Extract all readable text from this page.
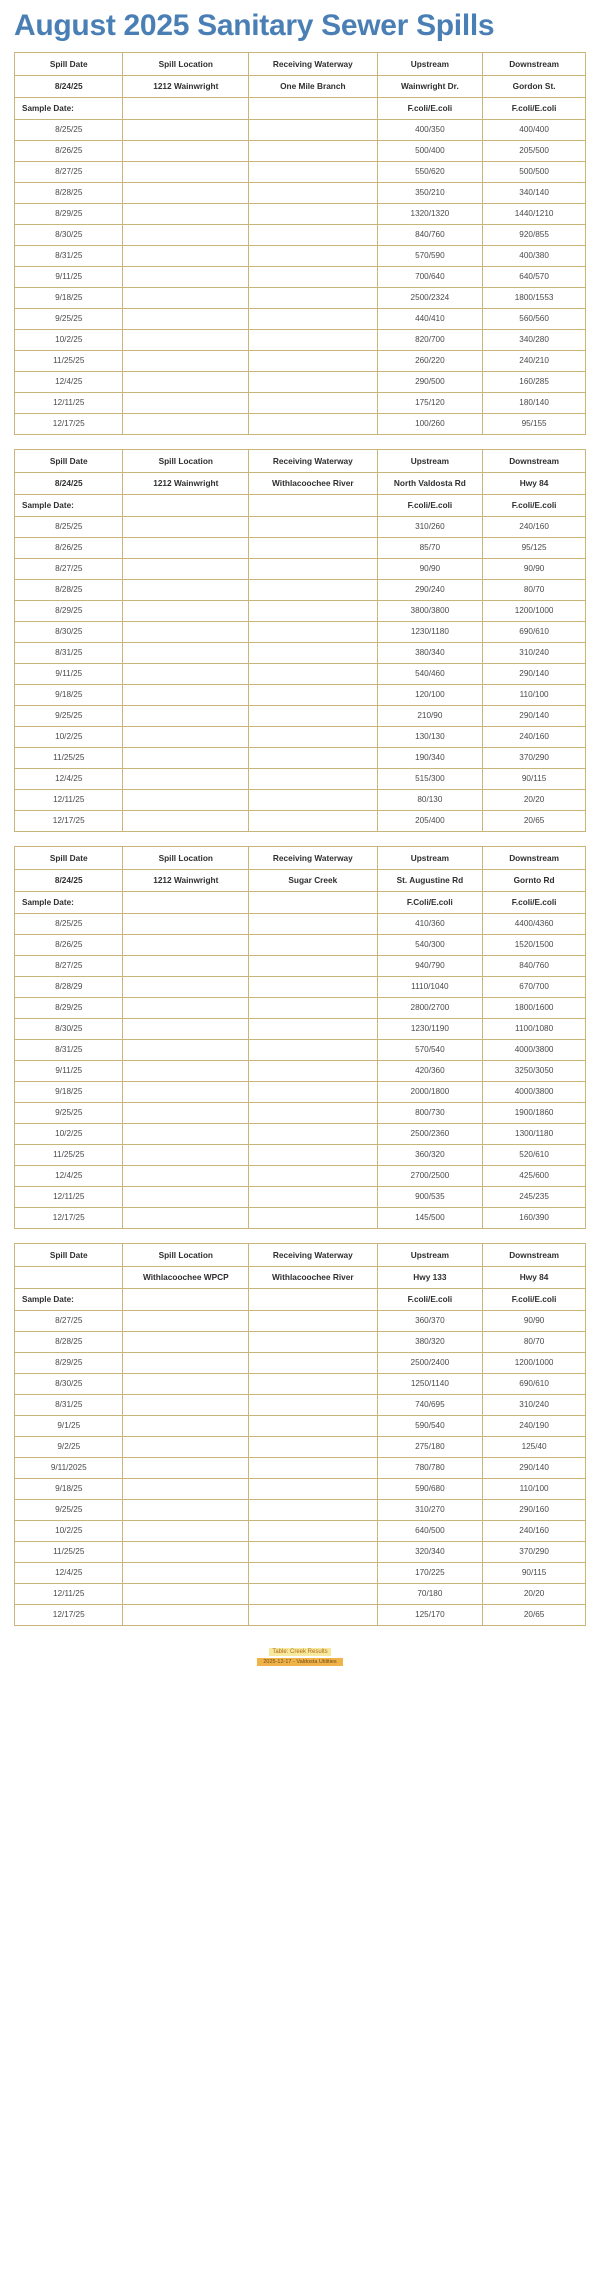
August 2025 Sanitary Sewer Spills
Spill Date	Spill Location	Receiving Waterway	Upstream	Downstream
8/24/25	1212 Wainwright	One Mile Branch	Wainwright Dr.	Gordon St.
Sample Date:			F.coli/E.coli	F.coli/E.coli
8/25/25			400/350	400/400
8/26/25			500/400	205/500
8/27/25			550/620	500/500
8/28/25			350/210	340/140
8/29/25			1320/1320	1440/1210
8/30/25			840/760	920/855
8/31/25			570/590	400/380
9/11/25			700/640	640/570
9/18/25			2500/2324	1800/1553
9/25/25			440/410	560/560
10/2/25			820/700	340/280
11/25/25			260/220	240/210
12/4/25			290/500	160/285
12/11/25			175/120	180/140
12/17/25			100/260	95/155
Spill Date	Spill Location	Receiving Waterway	Upstream	Downstream
8/24/25	1212 Wainwright	Withlacoochee River	North Valdosta Rd	Hwy 84
Sample Date:			F.coli/E.coli	F.coli/E.coli
8/25/25			310/260	240/160
8/26/25			85/70	95/125
8/27/25			90/90	90/90
8/28/25			290/240	80/70
8/29/25			3800/3800	1200/1000
8/30/25			1230/1180	690/610
8/31/25			380/340	310/240
9/11/25			540/460	290/140
9/18/25			120/100	110/100
9/25/25			210/90	290/140
10/2/25			130/130	240/160
11/25/25			190/340	370/290
12/4/25			515/300	90/115
12/11/25			80/130	20/20
12/17/25			205/400	20/65
Spill Date	Spill Location	Receiving Waterway	Upstream	Downstream
8/24/25	1212 Wainwright	Sugar Creek	St. Augustine Rd	Gornto Rd
Sample Date:			F.Coli/E.coli	F.coli/E.coli
8/25/25			410/360	4400/4360
8/26/25			540/300	1520/1500
8/27/25			940/790	840/760
8/28/29			1110/1040	670/700
8/29/25			2800/2700	1800/1600
8/30/25			1230/1190	1100/1080
8/31/25			570/540	4000/3800
9/11/25			420/360	3250/3050
9/18/25			2000/1800	4000/3800
9/25/25			800/730	1900/1860
10/2/25			2500/2360	1300/1180
11/25/25			360/320	520/610
12/4/25			2700/2500	425/600
12/11/25			900/535	245/235
12/17/25			145/500	160/390
Spill Date	Spill Location	Receiving Waterway	Upstream	Downstream
	Withlacoochee WPCP	Withlacoochee River	Hwy 133	Hwy 84
Sample Date:			F.coli/E.coli	F.coli/E.coli
8/27/25			360/370	90/90
8/28/25			380/320	80/70
8/29/25			2500/2400	1200/1000
8/30/25			1250/1140	690/610
8/31/25			740/695	310/240
9/1/25			590/540	240/190
9/2/25			275/180	125/40
9/11/2025			780/780	290/140
9/18/25			590/680	110/100
9/25/25			310/270	290/160
10/2/25			640/500	240/160
11/25/25			320/340	370/290
12/4/25			170/225	90/115
12/11/25			70/180	20/20
12/17/25			125/170	20/65
Table: Creek Results
2025-12-17 - Valdosta Utilities
